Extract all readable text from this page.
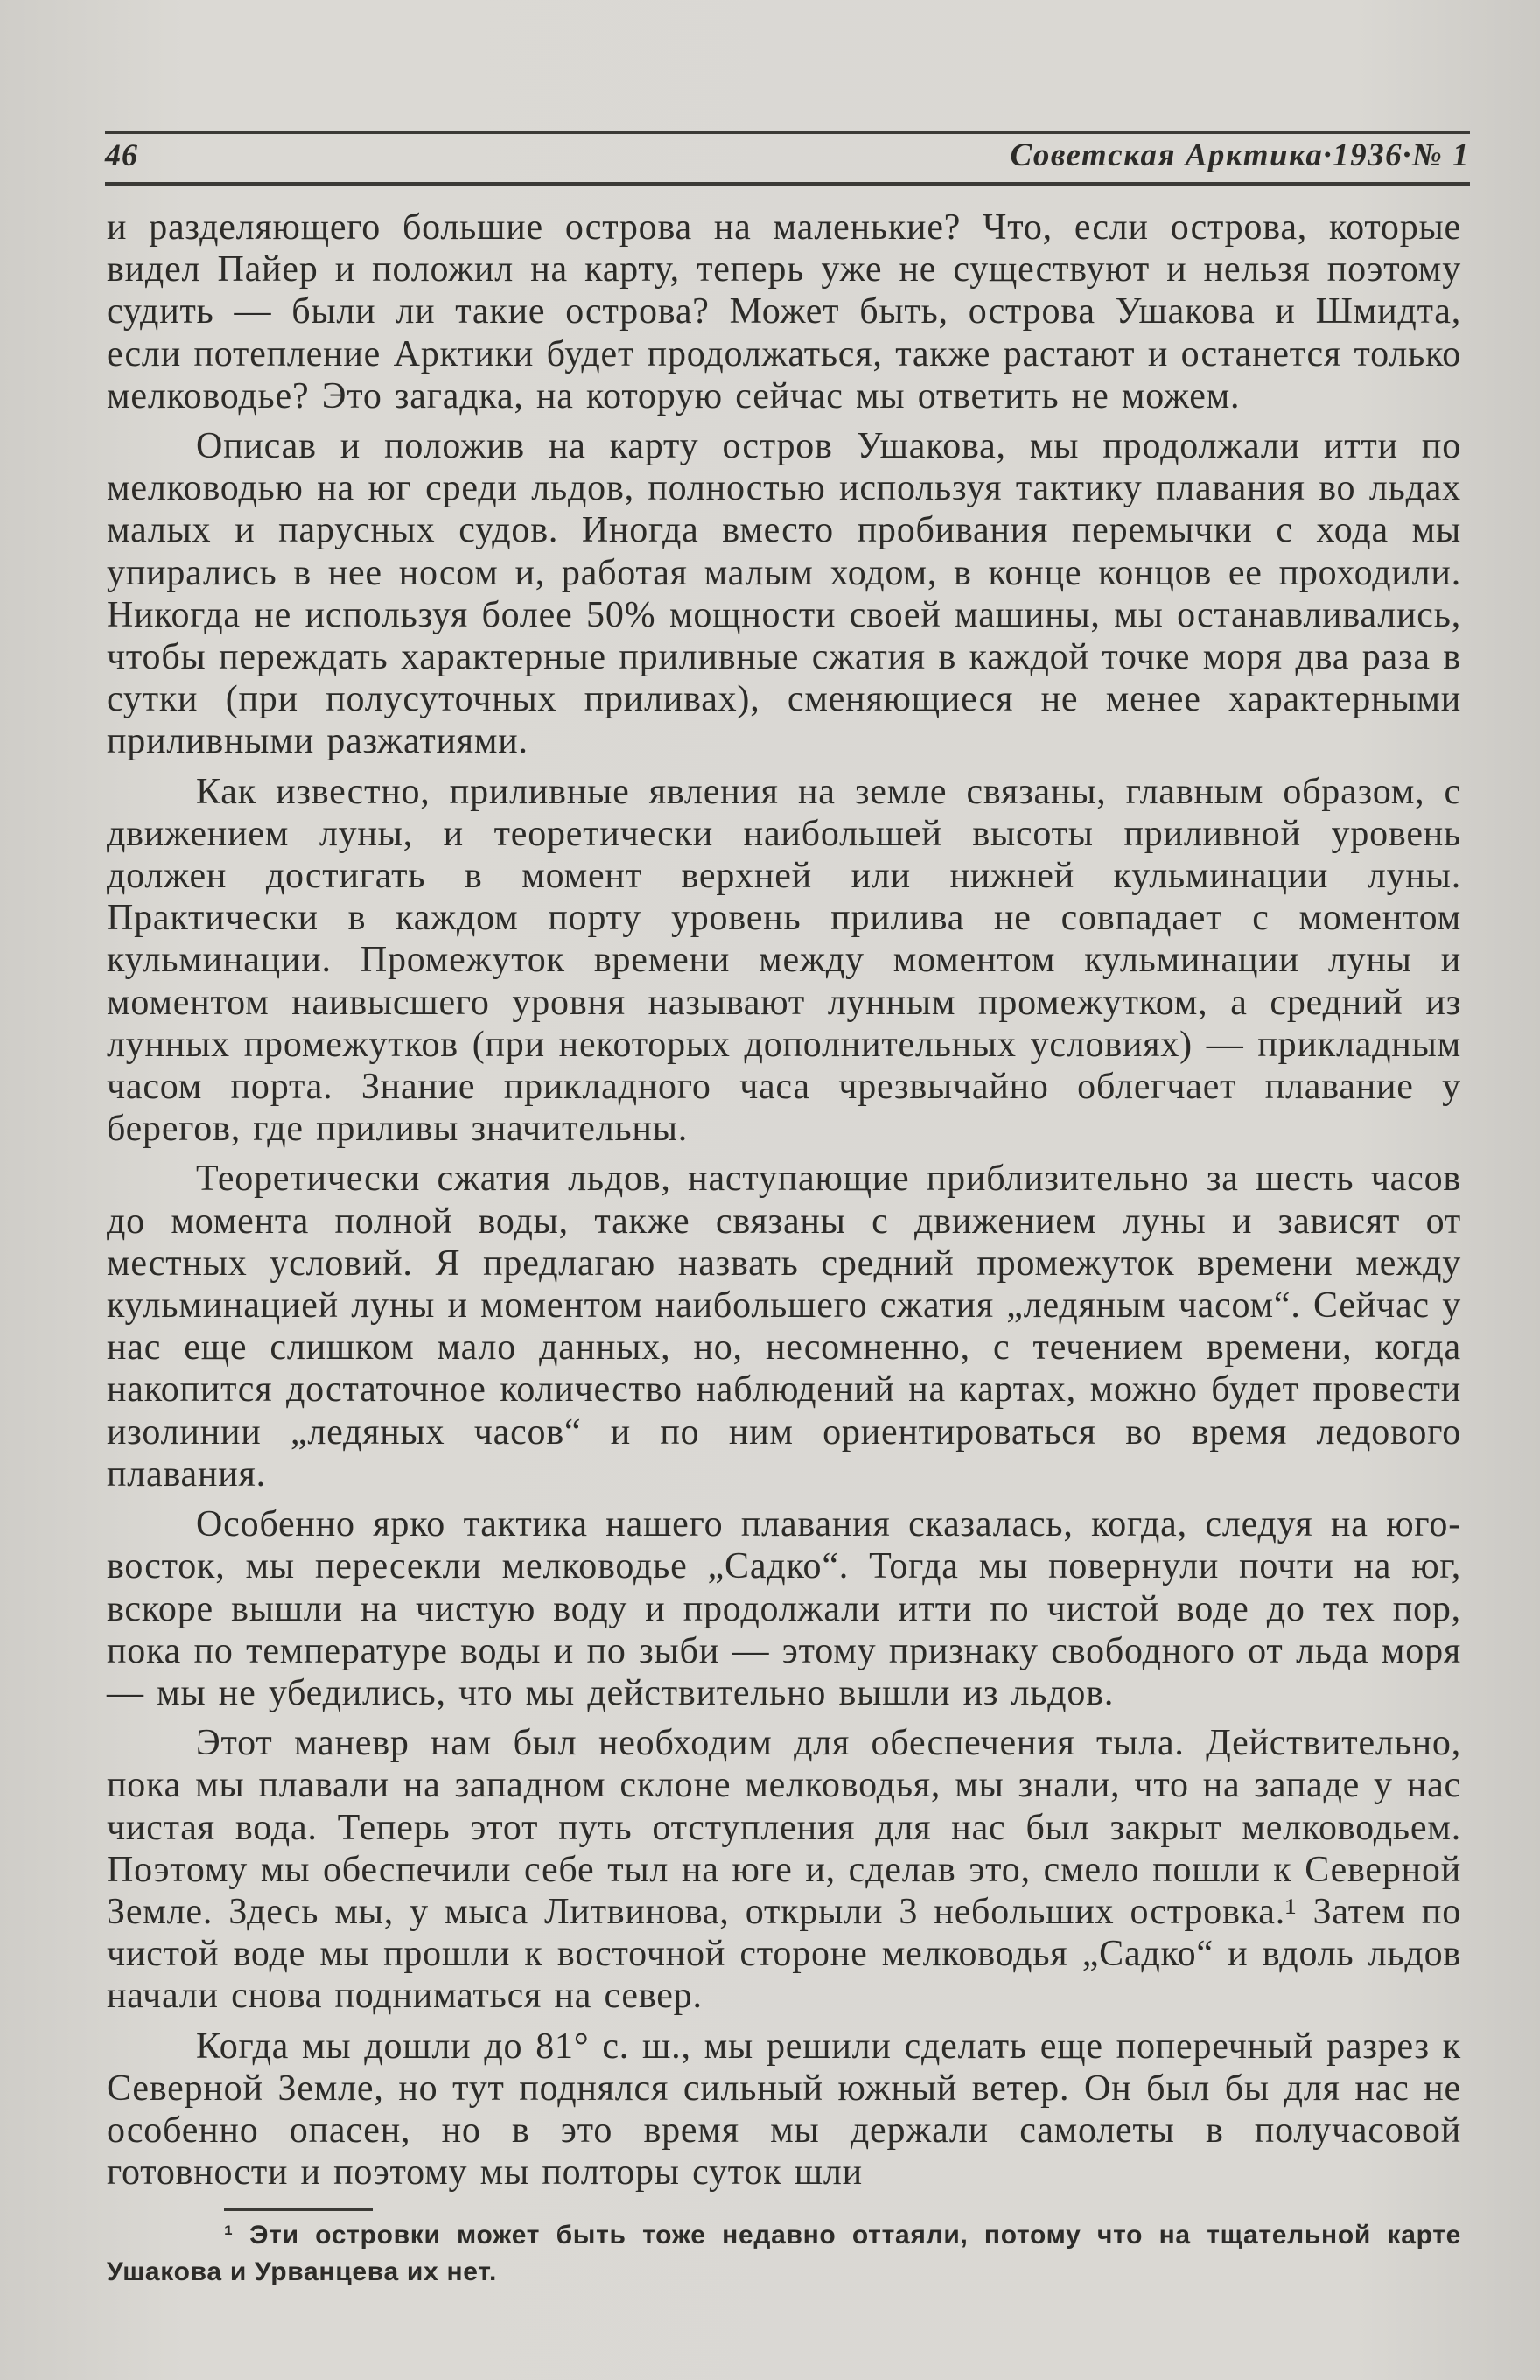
46	Советская Арктика·1936·№ 1

и разделяющего большие острова на маленькие? Что, если острова, которые видел Пайер и положил на карту, теперь уже не существуют и нельзя поэтому судить — были ли такие острова? Может быть, острова Ушакова и Шмидта, если потепление Арктики будет продолжаться, также растают и останется только мелководье? Это загадка, на которую сейчас мы ответить не можем.

Описав и положив на карту остров Ушакова, мы продолжали итти по мелководью на юг среди льдов, полностью используя тактику плавания во льдах малых и парусных судов. Иногда вместо пробивания перемычки с хода мы упирались в нее носом и, работая малым ходом, в конце концов ее проходили. Никогда не используя более 50% мощности своей машины, мы останавливались, чтобы переждать характерные приливные сжатия в каждой точке моря два раза в сутки (при полусуточных приливах), сменяющиеся не менее характерными приливными разжатиями.

Как известно, приливные явления на земле связаны, главным образом, с движением луны, и теоретически наибольшей высоты приливной уровень должен достигать в момент верхней или нижней кульминации луны. Практически в каждом порту уровень прилива не совпадает с моментом кульминации. Промежуток времени между моментом кульминации луны и моментом наивысшего уровня называют лунным промежутком, а средний из лунных промежутков (при некоторых дополнительных условиях) — прикладным часом порта. Знание прикладного часа чрезвычайно облегчает плавание у берегов, где приливы значительны.

Теоретически сжатия льдов, наступающие приблизительно за шесть часов до момента полной воды, также связаны с движением луны и зависят от местных условий. Я предлагаю назвать средний промежуток времени между кульминацией луны и моментом наибольшего сжатия „ледяным часом“. Сейчас у нас еще слишком мало данных, но, несомненно, с течением времени, когда накопится достаточное количество наблюдений на картах, можно будет провести изолинии „ледяных часов“ и по ним ориентироваться во время ледового плавания.

Особенно ярко тактика нашего плавания сказалась, когда, следуя на юго-восток, мы пересекли мелководье „Садко“. Тогда мы повернули почти на юг, вскоре вышли на чистую воду и продолжали итти по чистой воде до тех пор, пока по температуре воды и по зыби — этому признаку свободного от льда моря — мы не убедились, что мы действительно вышли из льдов.

Этот маневр нам был необходим для обеспечения тыла. Действительно, пока мы плавали на западном склоне мелководья, мы знали, что на западе у нас чистая вода. Теперь этот путь отступления для нас был закрыт мелководьем. Поэтому мы обеспечили себе тыл на юге и, сделав это, смело пошли к Северной Земле. Здесь мы, у мыса Литвинова, открыли 3 небольших островка.¹ Затем по чистой воде мы прошли к восточной стороне мелководья „Садко“ и вдоль льдов начали снова подниматься на север.

Когда мы дошли до 81° с. ш., мы решили сделать еще поперечный разрез к Северной Земле, но тут поднялся сильный южный ветер. Он был бы для нас не особенно опасен, но в это время мы держали самолеты в получасовой готовности и поэтому мы полторы суток шли

¹ Эти островки может быть тоже недавно оттаяли, потому что на тщательной карте Ушакова и Урванцева их нет.
